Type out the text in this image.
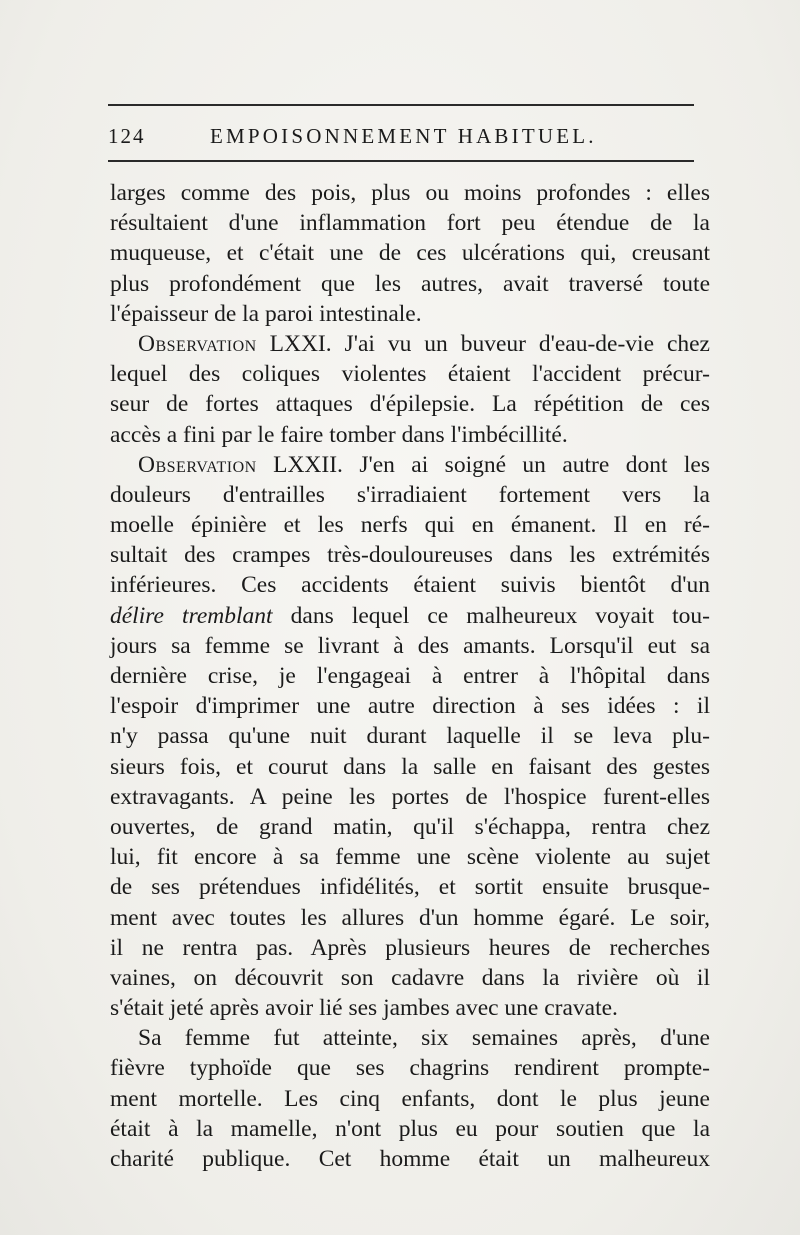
124	EMPOISONNEMENT HABITUEL.
larges comme des pois, plus ou moins profondes : elles
résultaient d'une inflammation fort peu étendue de la
muqueuse, et c'était une de ces ulcérations qui, creusant
plus profondément que les autres, avait traversé toute
l'épaisseur de la paroi intestinale.
Observation LXXI. J'ai vu un buveur d'eau-de-vie chez
lequel des coliques violentes étaient l'accident précur-
seur de fortes attaques d'épilepsie. La répétition de ces
accès a fini par le faire tomber dans l'imbécillité.
Observation LXXII. J'en ai soigné un autre dont les
douleurs d'entrailles s'irradiaient fortement vers la
moelle épinière et les nerfs qui en émanent. Il en ré-
sultait des crampes très-douloureuses dans les extrémités
inférieures. Ces accidents étaient suivis bientôt d'un
délire tremblant dans lequel ce malheureux voyait tou-
jours sa femme se livrant à des amants. Lorsqu'il eut sa
dernière crise, je l'engageai à entrer à l'hôpital dans
l'espoir d'imprimer une autre direction à ses idées : il
n'y passa qu'une nuit durant laquelle il se leva plu-
sieurs fois, et courut dans la salle en faisant des gestes
extravagants. A peine les portes de l'hospice furent-elles
ouvertes, de grand matin, qu'il s'échappa, rentra chez
lui, fit encore à sa femme une scène violente au sujet
de ses prétendues infidélités, et sortit ensuite brusque-
ment avec toutes les allures d'un homme égaré. Le soir,
il ne rentra pas. Après plusieurs heures de recherches
vaines, on découvrit son cadavre dans la rivière où il
s'était jeté après avoir lié ses jambes avec une cravate.
Sa femme fut atteinte, six semaines après, d'une
fièvre typhoïde que ses chagrins rendirent prompte-
ment mortelle. Les cinq enfants, dont le plus jeune
était à la mamelle, n'ont plus eu pour soutien que la
charité publique. Cet homme était un malheureux
